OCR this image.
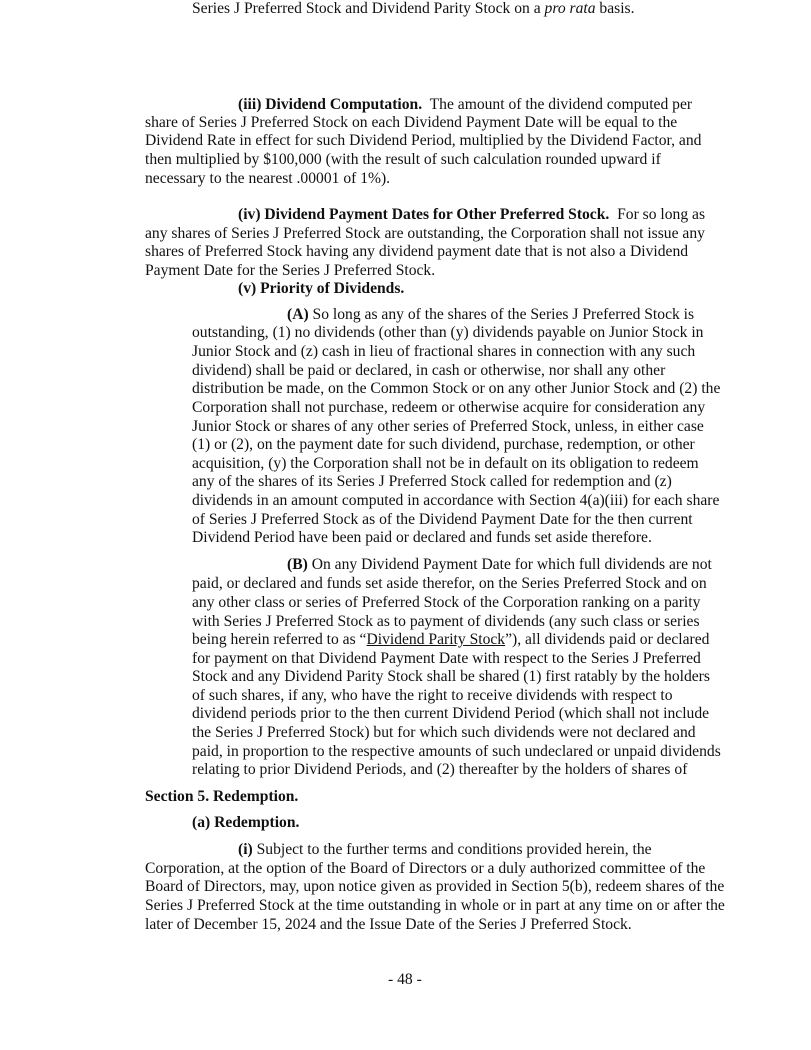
(iii) Dividend Computation.  The amount of the dividend computed per
share of Series J Preferred Stock on each Dividend Payment Date will be equal to the
Dividend Rate in effect for such Dividend Period, multiplied by the Dividend Factor, and
then multiplied by $100,000 (with the result of such calculation rounded upward if
necessary to the nearest .00001 of 1%).
(iv) Dividend Payment Dates for Other Preferred Stock.  For so long as
any shares of Series J Preferred Stock are outstanding, the Corporation shall not issue any
shares of Preferred Stock having any dividend payment date that is not also a Dividend
Payment Date for the Series J Preferred Stock.
(v) Priority of Dividends.
(A) So long as any of the shares of the Series J Preferred Stock is
outstanding, (1) no dividends (other than (y) dividends payable on Junior Stock in
Junior Stock and (z) cash in lieu of fractional shares in connection with any such
dividend) shall be paid or declared, in cash or otherwise, nor shall any other
distribution be made, on the Common Stock or on any other Junior Stock and (2) the
Corporation shall not purchase, redeem or otherwise acquire for consideration any
Junior Stock or shares of any other series of Preferred Stock, unless, in either case
(1) or (2), on the payment date for such dividend, purchase, redemption, or other
acquisition, (y) the Corporation shall not be in default on its obligation to redeem
any of the shares of its Series J Preferred Stock called for redemption and (z)
dividends in an amount computed in accordance with Section 4(a)(iii) for each share
of Series J Preferred Stock as of the Dividend Payment Date for the then current
Dividend Period have been paid or declared and funds set aside therefore.
(B) On any Dividend Payment Date for which full dividends are not
paid, or declared and funds set aside therefor, on the Series Preferred Stock and on
any other class or series of Preferred Stock of the Corporation ranking on a parity
with Series J Preferred Stock as to payment of dividends (any such class or series
being herein referred to as “Dividend Parity Stock”), all dividends paid or declared
for payment on that Dividend Payment Date with respect to the Series J Preferred
Stock and any Dividend Parity Stock shall be shared (1) first ratably by the holders
of such shares, if any, who have the right to receive dividends with respect to
dividend periods prior to the then current Dividend Period (which shall not include
the Series J Preferred Stock) but for which such dividends were not declared and
paid, in proportion to the respective amounts of such undeclared or unpaid dividends
relating to prior Dividend Periods, and (2) thereafter by the holders of shares of
Series J Preferred Stock and Dividend Parity Stock on a pro rata basis.
Section 5. Redemption.
(a) Redemption.
(i) Subject to the further terms and conditions provided herein, the
Corporation, at the option of the Board of Directors or a duly authorized committee of the
Board of Directors, may, upon notice given as provided in Section 5(b), redeem shares of the
Series J Preferred Stock at the time outstanding in whole or in part at any time on or after the
later of December 15, 2024 and the Issue Date of the Series J Preferred Stock.
- 48 -
